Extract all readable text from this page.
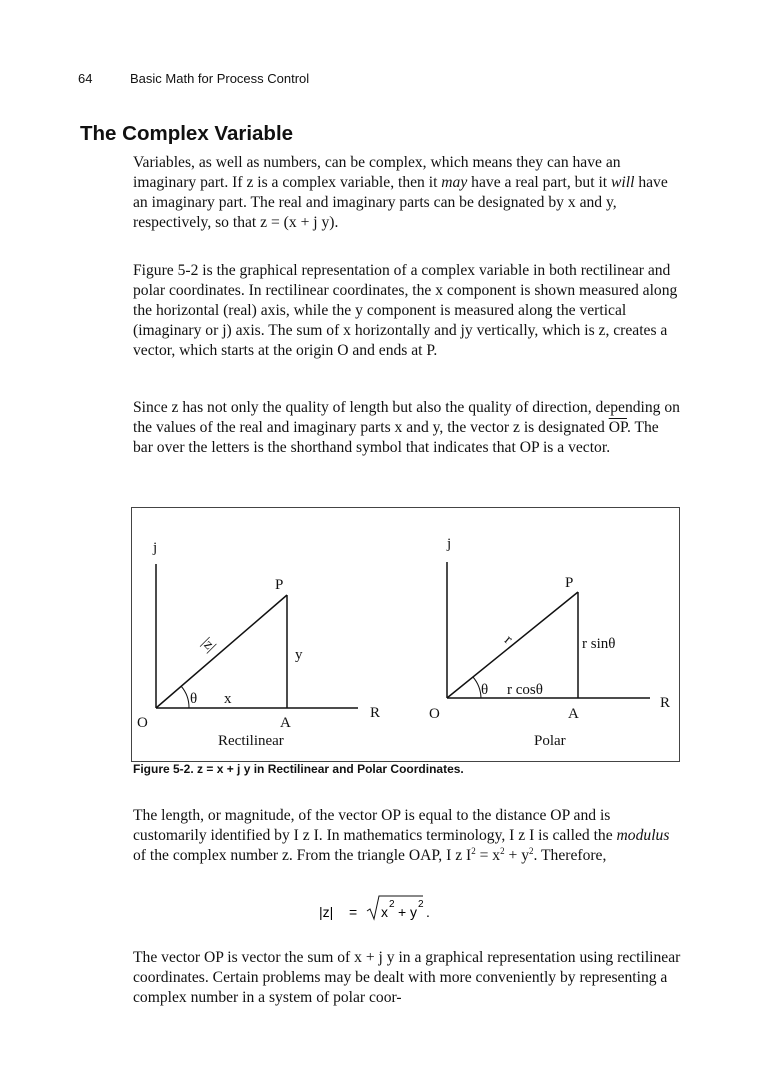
64	Basic Math for Process Control
The Complex Variable

Variables, as well as numbers, can be complex, which means they can have an imaginary part. If z is a complex variable, then it may have a real part, but it will have an imaginary part. The real and imaginary parts can be designated by x and y, respectively, so that z = (x + j y).

Figure 5-2 is the graphical representation of a complex variable in both rectilinear and polar coordinates. In rectilinear coordinates, the x component is shown measured along the horizontal (real) axis, while the y component is measured along the vertical (imaginary or j) axis. The sum of x horizontally and jy vertically, which is z, creates a vector, which starts at the origin O and ends at P.

Since z has not only the quality of length but also the quality of direction, depending on the values of the real and imaginary parts x and y, the vector z is designated $\overline{OP}$. The bar over the letters is the shorthand symbol that indicates that OP is a vector.

j
P
|z|	y
θ x
O	A
R
Rectilinear
j
P
r	r sinθ
θ r cosθ
O	A
R
Polar

Figure 5-2. z = x + j y in Rectilinear and Polar Coordinates.

The length, or magnitude, of the vector OP is equal to the distance OP and is customarily identified by I z I. In mathematics terminology, I z I is called the modulus of the complex number z. From the triangle OAP, I z $I^2 = x^2 + y^2$. Therefore,

|z| = x 2 + y 2 .

The vector OP is vector the sum of x + j y in a graphical representation using rectilinear coordinates. Certain problems may be dealt with more conveniently by representing a complex number in a system of polar coor-
